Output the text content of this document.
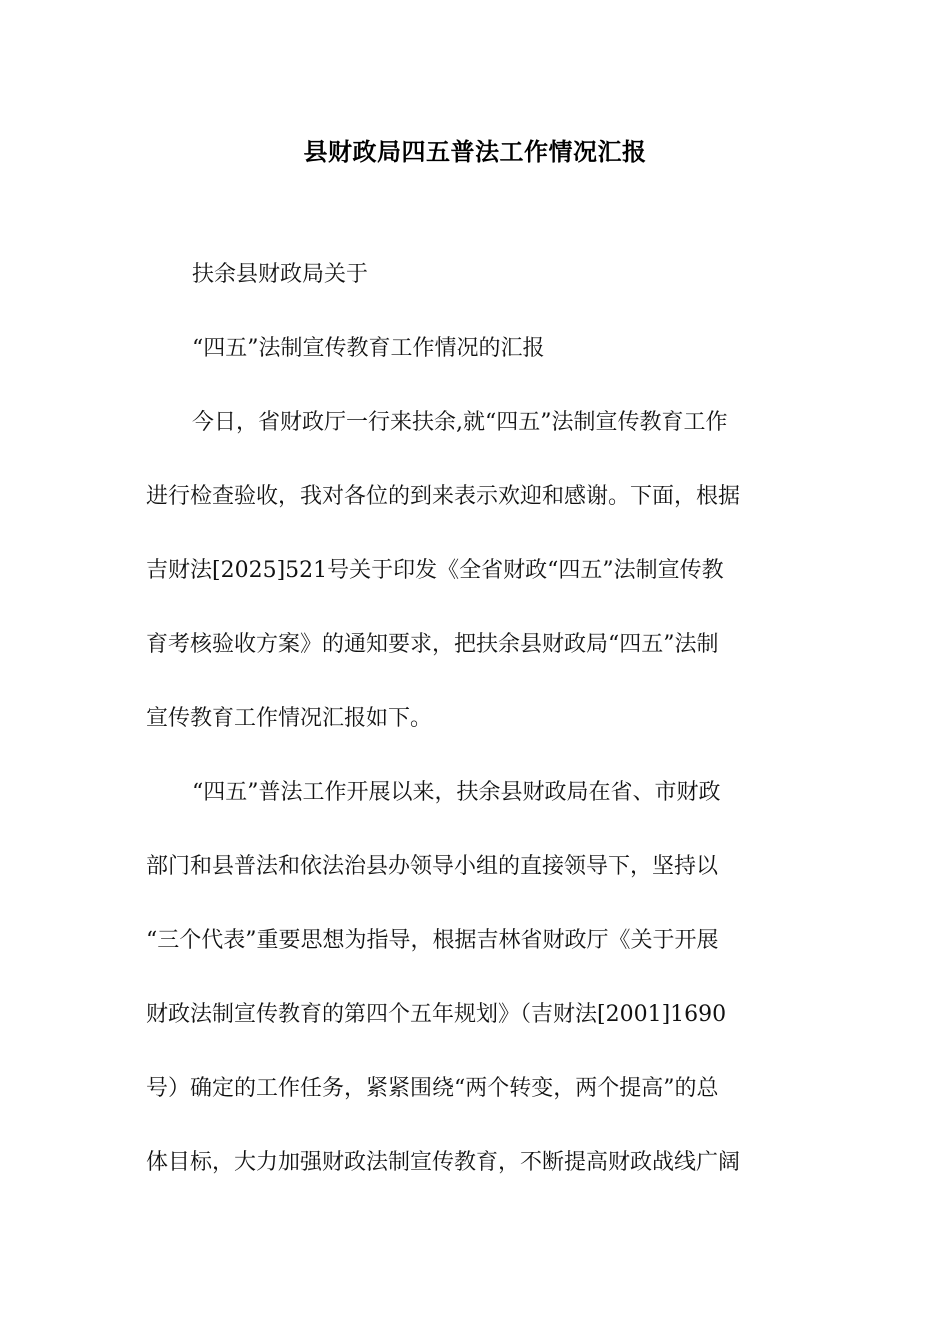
县财政局四五普法工作情况汇报
扶余县财政局关于
“四五”法制宣传教育工作情况的汇报
今日，省财政厅一行来扶余,就“四五”法制宣传教育工作
进行检查验收，我对各位的到来表示欢迎和感谢。下面，根据
吉财法[2025]521号关于印发《全省财政“四五”法制宣传教
育考核验收方案》的通知要求，把扶余县财政局“四五”法制
宣传教育工作情况汇报如下。
“四五”普法工作开展以来，扶余县财政局在省、市财政
部门和县普法和依法治县办领导小组的直接领导下，坚持以
“三个代表”重要思想为指导，根据吉林省财政厅《关于开展
财政法制宣传教育的第四个五年规划》（吉财法[2001]1690
号）确定的工作任务，紧紧围绕“两个转变，两个提高”的总
体目标，大力加强财政法制宣传教育，不断提高财政战线广阔
